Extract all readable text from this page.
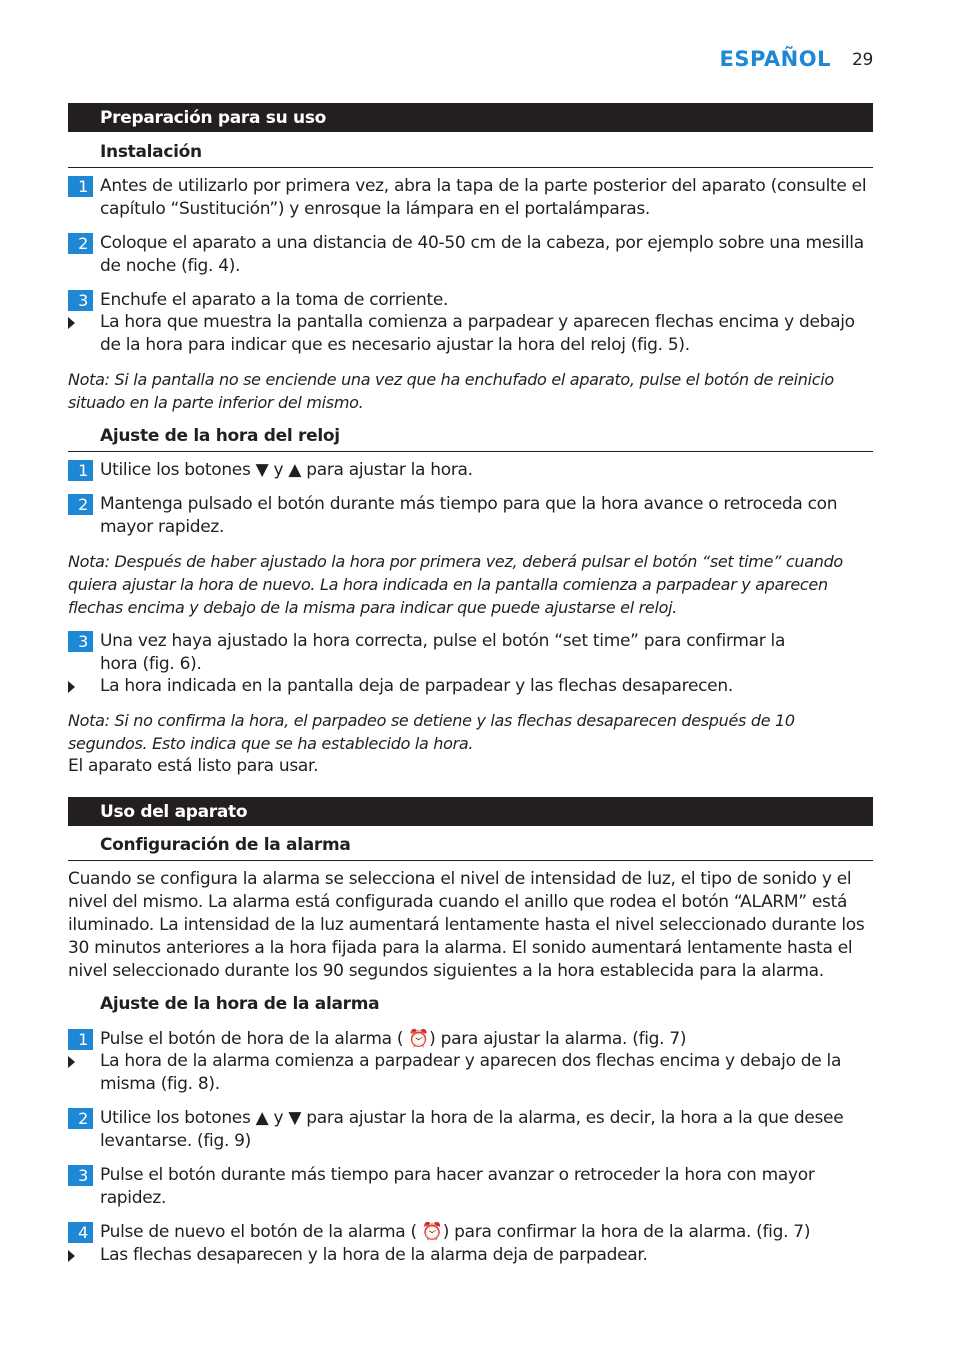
ESPAÑOL 29
Preparación para su uso
Instalación
1 Antes de utilizarlo por primera vez, abra la tapa de la parte posterior del aparato (consulte el capítulo “Sustitución”) y enrosque la lámpara en el portalámparas.
2 Coloque el aparato a una distancia de 40-50 cm de la cabeza, por ejemplo sobre una mesilla de noche (fig. 4).
3 Enchufe el aparato a la toma de corriente.
La hora que muestra la pantalla comienza a parpadear y aparecen flechas encima y debajo de la hora para indicar que es necesario ajustar la hora del reloj (fig. 5).
Nota: Si la pantalla no se enciende una vez que ha enchufado el aparato, pulse el botón de reinicio situado en la parte inferior del mismo.
Ajuste de la hora del reloj
1 Utilice los botones ▼ y ▲ para ajustar la hora.
2 Mantenga pulsado el botón durante más tiempo para que la hora avance o retroceda con mayor rapidez.
Nota: Después de haber ajustado la hora por primera vez, deberá pulsar el botón “set time” cuando quiera ajustar la hora de nuevo. La hora indicada en la pantalla comienza a parpadear y aparecen flechas encima y debajo de la misma para indicar que puede ajustarse el reloj.
3 Una vez haya ajustado la hora correcta, pulse el botón “set time” para confirmar la hora (fig. 6).
La hora indicada en la pantalla deja de parpadear y las flechas desaparecen.
Nota: Si no confirma la hora, el parpadeo se detiene y las flechas desaparecen después de 10 segundos. Esto indica que se ha establecido la hora.
El aparato está listo para usar.
Uso del aparato
Configuración de la alarma
Cuando se configura la alarma se selecciona el nivel de intensidad de luz, el tipo de sonido y el nivel del mismo. La alarma está configurada cuando el anillo que rodea el botón “ALARM” está iluminado. La intensidad de la luz aumentará lentamente hasta el nivel seleccionado durante los 30 minutos anteriores a la hora fijada para la alarma. El sonido aumentará lentamente hasta el nivel seleccionado durante los 90 segundos siguientes a la hora establecida para la alarma.
Ajuste de la hora de la alarma
1 Pulse el botón de hora de la alarma ( ⏰) para ajustar la alarma. (fig. 7)
La hora de la alarma comienza a parpadear y aparecen dos flechas encima y debajo de la misma (fig. 8).
2 Utilice los botones ▲ y ▼ para ajustar la hora de la alarma, es decir, la hora a la que desee levantarse. (fig. 9)
3 Pulse el botón durante más tiempo para hacer avanzar o retroceder la hora con mayor rapidez.
4 Pulse de nuevo el botón de la alarma ( ⏰) para confirmar la hora de la alarma. (fig. 7)
Las flechas desaparecen y la hora de la alarma deja de parpadear.
